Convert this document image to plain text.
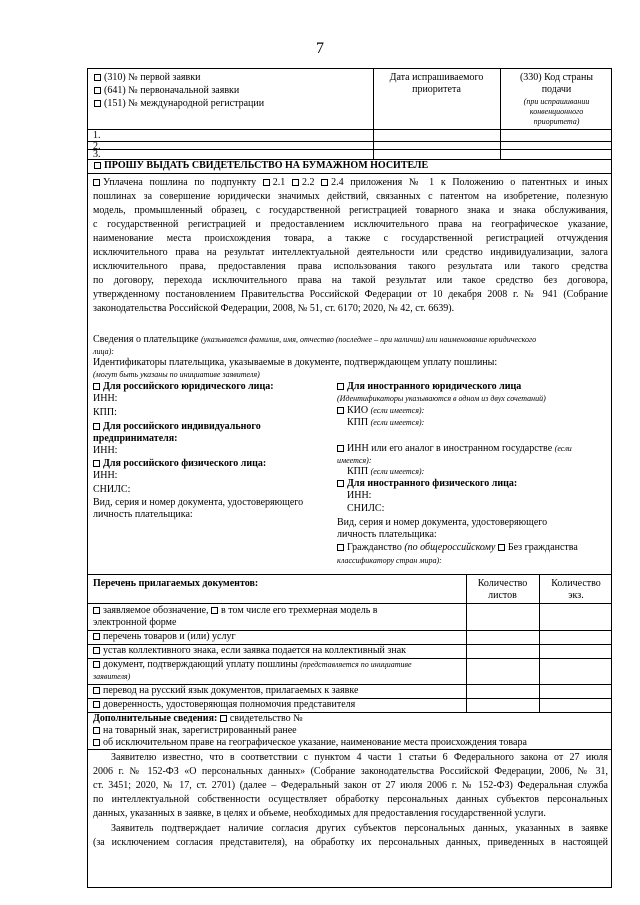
7
(310) № первой заявки
(641) № первоначальной заявки
(151) № международной регистрации
Дата испрашиваемого
приоритета
(330) Код страны
подачи
(при испрашивании
конвенционного
приоритета)
1.
2.
3.
ПРОШУ ВЫДАТЬ СВИДЕТЕЛЬСТВО НА БУМАЖНОМ НОСИТЕЛЕ
Уплачена пошлина по подпункту 2.1 2.2 2.4 приложения № 1 к Положению о патентных и иных
пошлинах за совершение юридически значимых действий, связанных с патентом на изобретение, полезную
модель, промышленный образец, с государственной регистрацией товарного знака и знака обслуживания,
с государственной регистрацией и предоставлением исключительного права на географическое указание,
наименование места происхождения товара, а также с государственной регистрацией отчуждения
исключительного права на результат интеллектуальной деятельности или средство индивидуализации, залога
исключительного права, предоставления права использования такого результата или такого средства
по договору, перехода исключительного права на такой результат или такое средство без договора,
утвержденному постановлением Правительства Российской Федерации от 10 декабря 2008 г. № 941 (Собрание
законодательства Российской Федерации, 2008, № 51, ст. 6170; 2020, № 42, ст. 6639).
Сведения о плательщике (указывается фамилия, имя, отчество (последнее – при наличии) или наименование юридического
лица):
Идентификаторы плательщика, указываемые в документе, подтверждающем уплату пошлины:
(могут быть указаны по инициативе заявителя)
Для российского юридического лица:
ИНН:
КПП:
Для российского индивидуального
предпринимателя:
ИНН:
Для российского физического лица:
ИНН:
СНИЛС:
Вид, серия и номер документа, удостоверяющего
личность плательщика:
Для иностранного юридического лица
(Идентификаторы указываются в одном из двух сочетаний)
КИО (если имеется):
КПП (если имеется):
ИНН или его аналог в иностранном государстве (если
имеется):
КПП (если имеется):
Для иностранного физического лица:
ИНН:
СНИЛС:
Вид, серия и номер документа, удостоверяющего
личность плательщика:
Гражданство (по общероссийскому Без гражданства
классификатору стран мира):
Перечень прилагаемых документов:	Количество
листов
Количество
экз.
заявляемое обозначение, в том числе его трехмерная модель в
электронной форме
перечень товаров и (или) услуг
устав коллективного знака, если заявка подается на коллективный знак
документ, подтверждающий уплату пошлины (представляется по инициативе
заявителя)
перевод на русский язык документов, прилагаемых к заявке
доверенность, удостоверяющая полномочия представителя
Дополнительные сведения: свидетельство №
на товарный знак, зарегистрированный ранее
об исключительном праве на географическое указание, наименование места происхождения товара
Заявителю известно, что в соответствии с пунктом 4 части 1 статьи 6 Федерального закона от 27 июля
2006 г. № 152-ФЗ «О персональных данных» (Собрание законодательства Российской Федерации, 2006, № 31,
ст. 3451; 2020, № 17, ст. 2701) (далее – Федеральный закон от 27 июля 2006 г. № 152-ФЗ) Федеральная служба
по интеллектуальной собственности осуществляет обработку персональных данных субъектов персональных
данных, указанных в заявке, в целях и объеме, необходимых для предоставления государственной услуги.
Заявитель подтверждает наличие согласия других субъектов персональных данных, указанных в заявке
(за исключением согласия представителя), на обработку их персональных данных, приведенных в настоящей
